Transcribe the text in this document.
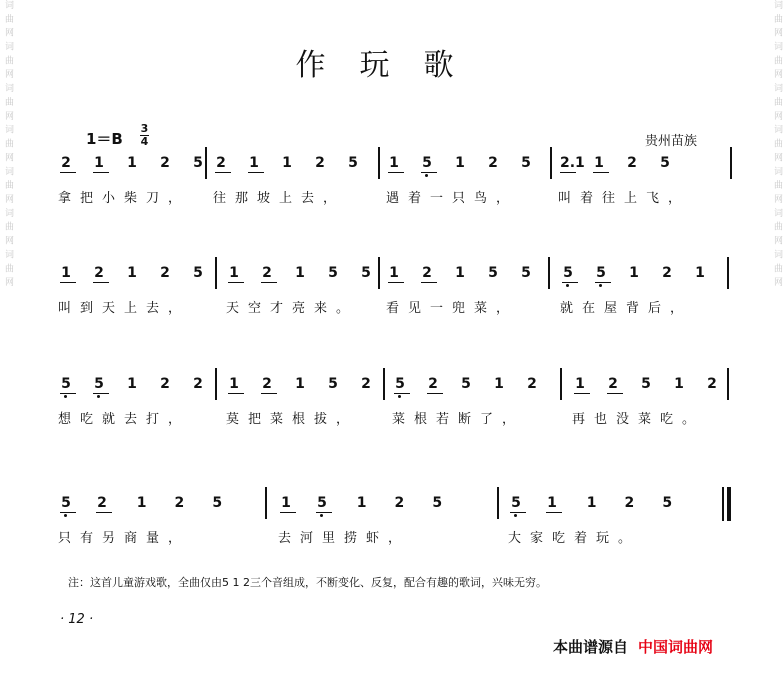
词 曲 网 词 曲 网 词 曲 网 词 曲 网 词 曲 网 词 曲 网 词 曲 网	词 曲 网 词 曲 网 词 曲 网 词 曲 网 词 曲 网 词 曲 网 词 曲 网
作玩歌
1＝B
3
4	贵州苗族
2 1 1 2 5
拿把小柴刀，
2 1 1 2 5
往那坡上去，
1 5 1 2 5
遇着一只鸟，
2.1 1 2 5
叫着往上飞，
1 2 1 2 5
叫到天上去，
1 2 1 5 5
天空才亮来。
1 2 1 5 5
看见一兜菜，
5 5 1 2 1
就在屋背后，
5 5 1 2 2
想吃就去打，
1 2 1 5 2
莫把菜根拔，
5 2 5 1 2
菜根若断了，
1 2 5 1 2
再也没菜吃。
5 2 1 2 5
只有另商量，
1 5 1 2 5
去河里捞虾，
5 1 1 2 5
大家吃着玩。
注：这首儿童游戏歌，全曲仅由5 1 2三个音组成，不断变化、反复，配合有趣的歌词，兴味无穷。
· 12 ·
本曲谱源自 中国词曲网
